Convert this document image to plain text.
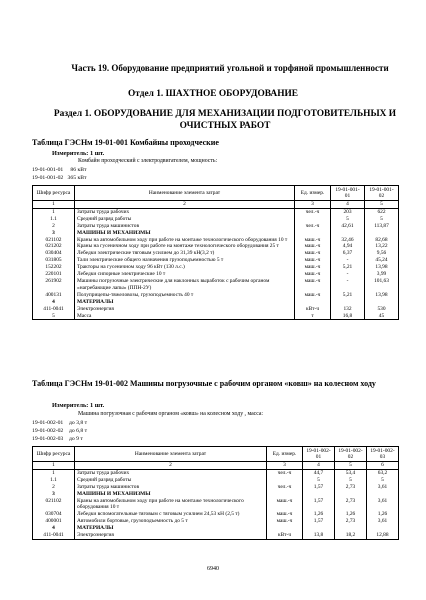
Часть 19. Оборудование предприятий угольной и торфяной промышленности
Отдел 1. ШАХТНОЕ ОБОРУДОВАНИЕ
Раздел 1. ОБОРУДОВАНИЕ ДЛЯ МЕХАНИЗАЦИИ ПОДГОТОВИТЕЛЬНЫХ И ОЧИСТНЫХ РАБОТ
Таблица ГЭСНм 19-01-001 Комбайны проходческие
Измеритель: 1 шт.
Комбайн проходческий с электродвигателем, мощность:
19-01-001-01 86 кВт
19-01-001-02 365 кВт
Шифр ресурса	Наименование элемента затрат	Ед. измер.	19-01-001-01	19-01-001-02
1	2	3	4	5
1	Затраты труда рабочих	чел.-ч	203	622
1.1	Средний разряд работы		5	5
2	Затраты труда машинистов	чел.-ч	42,61	113,87
3	МАШИНЫ И МЕХАНИЗМЫ			
021102	Краны на автомобильном ходу при работе на монтаже технологического оборудования 10 т	маш.-ч	32,46	82,68
021202	Краны на гусеничном ходу при работе на монтаже технологического оборудования 25 т	маш.-ч	4,94	13,22
030404	Лебедки электрические тяговым усилием до 31,39 кН(3,2 т)	маш.-ч	6,37	9,56
031805	Тали электрические общего назначения грузоподъемностью 5 т	маш.-ч	-	45,24
152202	Тракторы на гусеничном ходу 96 кВт (130 л.с.)	маш.-ч	5,21	13,98
220101	Лебедки сипорные электрические 10 т	маш.-ч	-	3,99
261902	Машины погрузочные электрические для наклонных выработок с рабочим органом «нагребающие лапы» (ППН-2У)	маш.-ч	-	101,63
400131	Полуприцепы-тяжеловозы, грузоподъемность 40 т	маш.-ч	5,21	13,98
4	МАТЕРИАЛЫ			
411-0041	Электроэнергия	кВт-ч	132	530
5	Масса	т	16,8	45
Таблица ГЭСНм 19-01-002 Машины погрузочные с рабочим органом «ковш» на колесном ходу
Измеритель: 1 шт.
Машина погрузочная с рабочим органом «ковш» на колесном ходу , масса:
19-01-002-01 до 3,8 т
19-01-002-02 до 6,8 т
19-01-002-03 до 9 т
Шифр ресурса	Наименование элемента затрат	Ед. измер.	19-01-002-01	19-01-002-02	19-01-002-03
1	2	3	4	5	6
1	Затраты труда рабочих	чел.-ч	44,7	53,4	63,2
1.1	Средний разряд работы		5	5	5
2	Затраты труда машинистов	чел.-ч	1,57	2,73	3,61
3	МАШИНЫ И МЕХАНИЗМЫ				
021102	Краны на автомобильном ходу при работе на монтаже технологического оборудования 10 т	маш.-ч	1,57	2,73	3,61
030704	Лебедки вспомогательные тяговым с тяговым усилием 24,53 кН (2,5 т)	маш.-ч	1,26	1,26	1,26
400001	Автомобили бортовые, грузоподъемность до 5 т	маш.-ч	1,57	2,73	3,61
4	МАТЕРИАЛЫ				
411-0041	Электроэнергия	кВт-ч	13,8	18,2	12,88
6940
